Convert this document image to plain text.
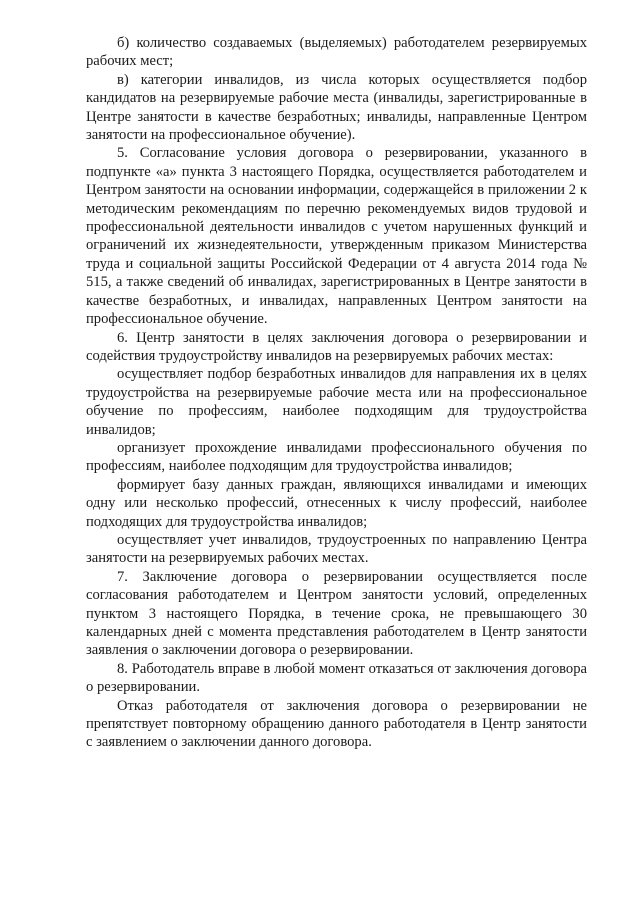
б) количество создаваемых (выделяемых) работодателем резервируемых рабочих мест;

в) категории инвалидов, из числа которых осуществляется подбор кандидатов на резервируемые рабочие места (инвалиды, зарегистрированные в Центре занятости в качестве безработных; инвалиды, направленные Центром занятости на профессиональное обучение).

5. Согласование условия договора о резервировании, указанного в подпункте «а» пункта 3 настоящего Порядка, осуществляется работодателем и Центром занятости на основании информации, содержащейся в приложении 2 к методическим рекомендациям по перечню рекомендуемых видов трудовой и профессиональной деятельности инвалидов с учетом нарушенных функций и ограничений их жизнедеятельности, утвержденным приказом Министерства труда и социальной защиты Российской Федерации от 4 августа 2014 года № 515, а также сведений об инвалидах, зарегистрированных в Центре занятости в качестве безработных, и инвалидах, направленных Центром занятости на профессиональное обучение.

6. Центр занятости в целях заключения договора о резервировании и содействия трудоустройству инвалидов на резервируемых рабочих местах:

осуществляет подбор безработных инвалидов для направления их в целях трудоустройства на резервируемые рабочие места или на профессиональное обучение по профессиям, наиболее подходящим для трудоустройства инвалидов;

организует прохождение инвалидами профессионального обучения по профессиям, наиболее подходящим для трудоустройства инвалидов;

формирует базу данных граждан, являющихся инвалидами и имеющих одну или несколько профессий, отнесенных к числу профессий, наиболее подходящих для трудоустройства инвалидов;

осуществляет учет инвалидов, трудоустроенных по направлению Центра занятости на резервируемых рабочих местах.

7. Заключение договора о резервировании осуществляется после согласования работодателем и Центром занятости условий, определенных пунктом 3 настоящего Порядка, в течение срока, не превышающего 30 календарных дней с момента представления работодателем в Центр занятости заявления о заключении договора о резервировании.

8. Работодатель вправе в любой момент отказаться от заключения договора о резервировании.

Отказ работодателя от заключения договора о резервировании не препятствует повторному обращению данного работодателя в Центр занятости с заявлением о заключении данного договора.
